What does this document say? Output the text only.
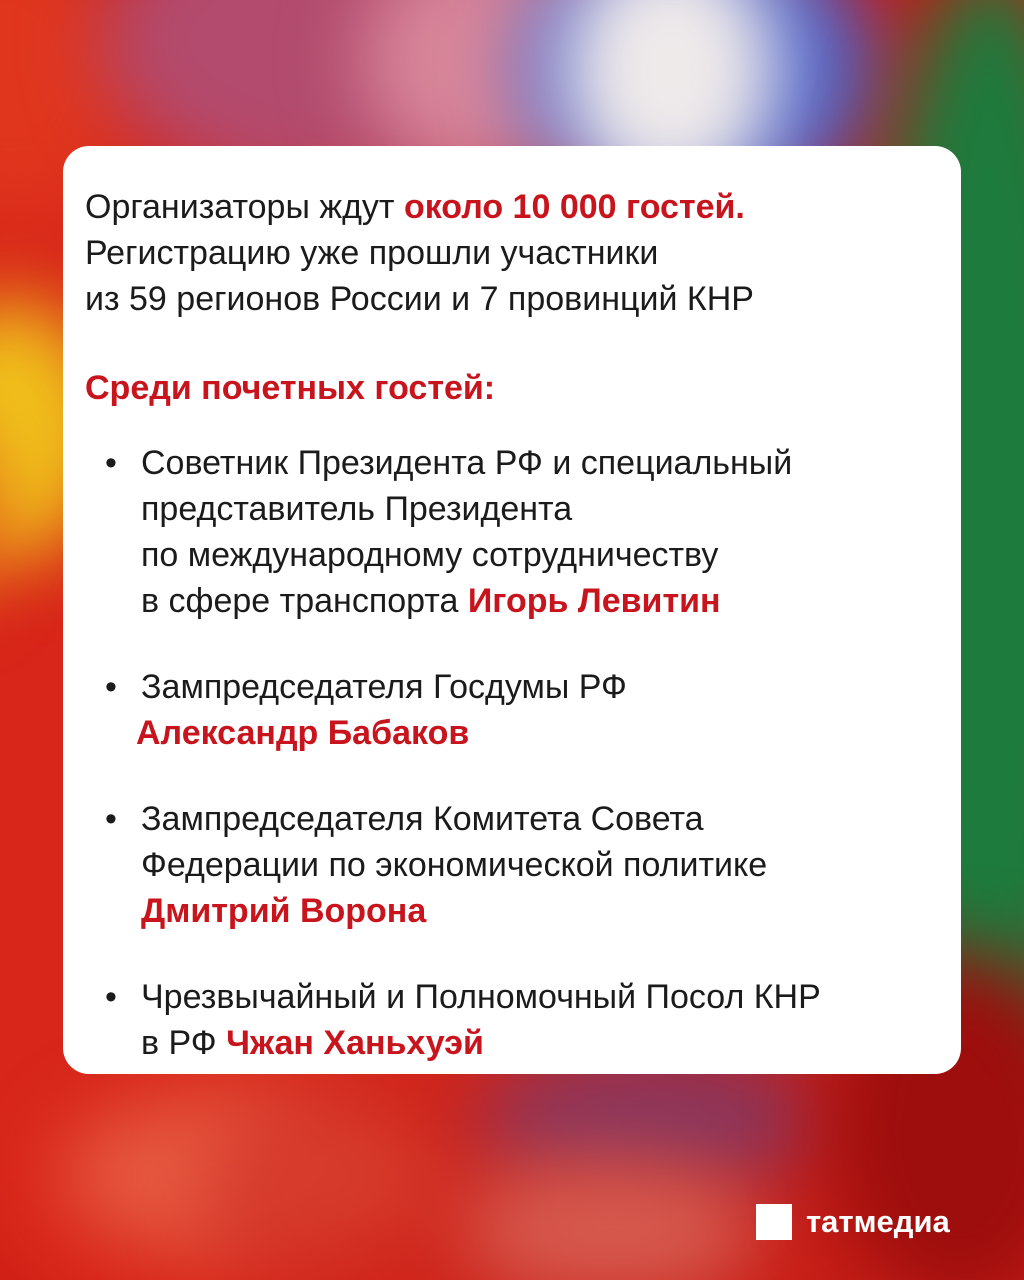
Организаторы ждут около 10 000 гостей.
Регистрацию уже прошли участники
из 59 регионов России и 7 провинций КНР

Среди почетных гостей:
• Советник Президента РФ и специальный
представитель Президента
по международному сотрудничеству
в сфере транспорта Игорь Левитин
• Зампредседателя Госдумы РФ
Александр Бабаков
• Зампредседателя Комитета Совета
Федерации по экономической политике
Дмитрий Ворона
• Чрезвычайный и Полномочный Посол КНР
в РФ Чжан Ханьхуэй
татмедиа
